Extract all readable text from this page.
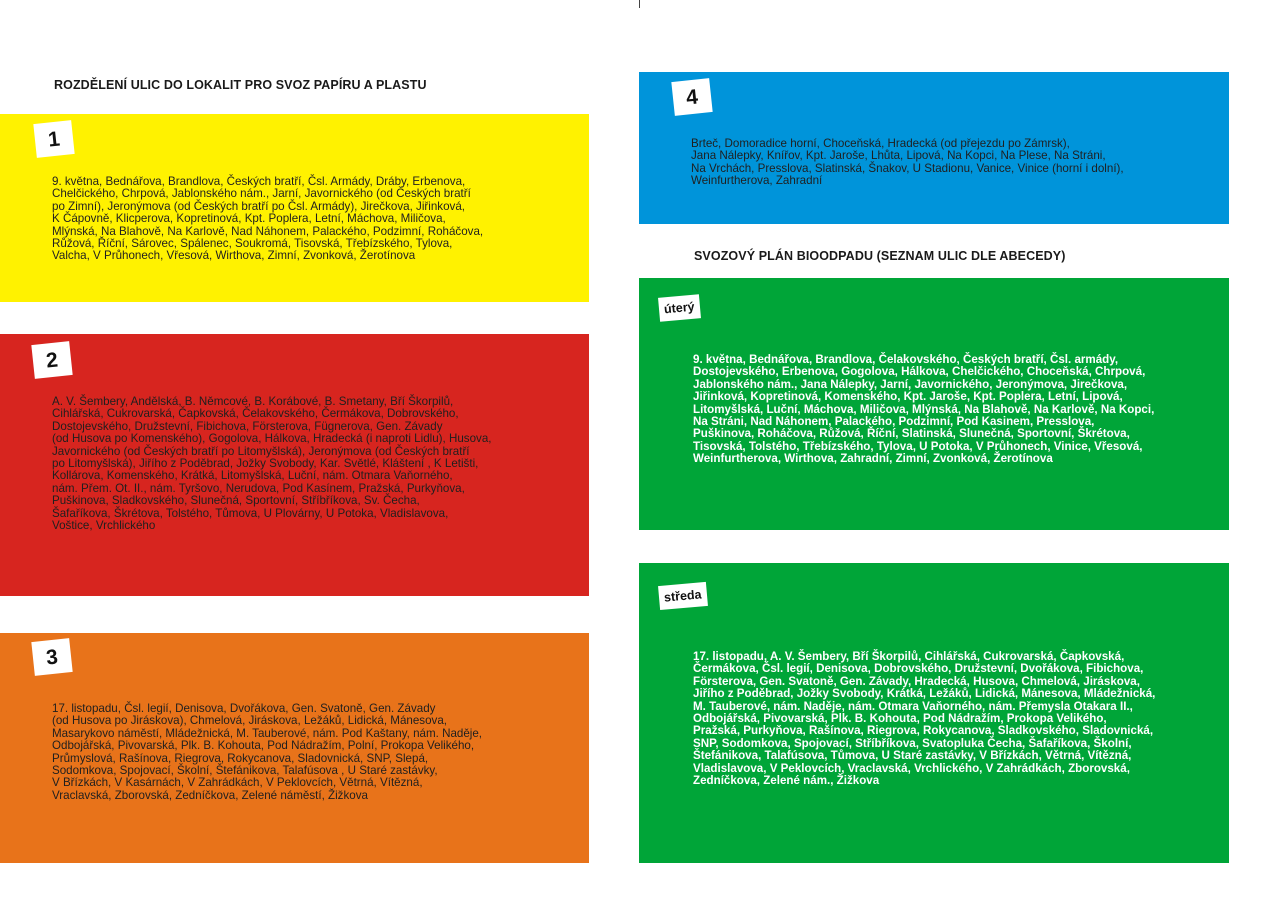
ROZDĚLENÍ ULIC DO LOKALIT PRO SVOZ PAPÍRU A PLASTU
1
9. května, Bednářova, Brandlova, Českých bratří, Čsl. Armády, Dráby, Erbenova,
Chelčického, Chrpová, Jablonského nám., Jarní, Javornického (od Českých bratří
po Zimní), Jeronýmova (od Českých bratří po Čsl. Armády), Jirečkova, Jiřinková,
K Čápovně, Klicperova, Kopretinová, Kpt. Poplera, Letní, Máchova, Miličova,
Mlýnská, Na Blahově, Na Karlově, Nad Náhonem, Palackého, Podzimní, Roháčova,
Růžová, Říční, Sárovec, Spálenec, Soukromá, Tisovská, Třebízského, Tylova,
Valcha, V Průhonech, Vřesová, Wirthova, Zimní, Zvonková, Žerotínova
2
A. V. Šembery, Andělská, B. Němcové, B. Korábové, B. Smetany, Bří Škorpilů,
Cihlářská, Cukrovarská, Čapkovská, Čelakovského, Čermákova, Dobrovského,
Dostojevského, Družstevní, Fibichova, Försterova, Fügnerova, Gen. Závady
(od Husova po Komenského), Gogolova, Hálkova, Hradecká (i naproti Lidlu), Husova,
Javornického (od Českých bratří po Litomyšlská), Jeronýmova (od Českých bratří
po Litomyšlská), Jiřího z Poděbrad, Jožky Svobody, Kar. Světlé, Kláštení , K Letišti,
Kollárova, Komenského, Krátká, Litomyšlská, Luční, nám. Otmara Vaňorného,
nám. Přem. Ot. II., nám. Tyršovo, Nerudova, Pod Kasínem, Pražská, Purkyňova,
Puškinova, Sladkovského, Slunečná, Sportovní, Stříbříkova, Sv. Čecha,
Šafaříkova, Škrétova, Tolstého, Tůmova, U Plovárny, U Potoka, Vladislavova,
Voštice, Vrchlického
3
17. listopadu, Čsl. legií, Denisova, Dvořákova, Gen. Svatoně, Gen. Závady
(od Husova po Jiráskova), Chmelová, Jiráskova, Ležáků, Lidická, Mánesova,
Masarykovo náměstí, Mládežnická, M. Tauberové, nám. Pod Kaštany, nám. Naděje,
Odbojářská, Pivovarská, Plk. B. Kohouta, Pod Nádražím, Polní, Prokopa Velikého,
Průmyslová, Rašínova, Riegrova, Rokycanova, Sladovnická, SNP, Slepá,
Sodomkova, Spojovací, Školní, Štefánikova, Talafúsova , U Staré zastávky,
V Břízkách, V Kasárnách, V Zahrádkách, V Peklovcích, Větrná, Vítězná,
Vraclavská, Zborovská, Zedníčkova, Zelené náměstí, Žižkova
4
Brteč, Domoradice horní, Choceňská, Hradecká (od přejezdu po Zámrsk),
Jana Nálepky, Knířov, Kpt. Jaroše, Lhůta, Lipová, Na Kopci, Na Plese, Na Stráni,
Na Vrchách, Presslova, Slatinská, Šnakov, U Stadionu, Vanice, Vinice (horní i dolní),
Weinfurtherova, Zahradní
SVOZOVÝ PLÁN BIOODPADU (SEZNAM ULIC DLE ABECEDY)
úterý
9. května, Bednářova, Brandlova, Čelakovského, Českých bratří, Čsl. armády,
Dostojevského, Erbenova, Gogolova, Hálkova, Chelčického, Choceňská, Chrpová,
Jablonského nám., Jana Nálepky, Jarní, Javornického, Jeronýmova, Jirečkova,
Jiřinková, Kopretinová, Komenského, Kpt. Jaroše, Kpt. Poplera, Letní, Lipová,
Litomyšlská, Luční, Máchova, Miličova, Mlýnská, Na Blahově, Na Karlově, Na Kopci,
Na Stráni, Nad Náhonem, Palackého, Podzimní, Pod Kasinem, Presslova,
Puškinova, Roháčova, Růžová, Říční, Slatinská, Slunečná, Sportovní, Škrétova,
Tisovská, Tolstého, Třebízského, Tylova, U Potoka, V Průhonech, Vinice, Vřesová,
Weinfurtherova, Wirthova, Zahradní, Zimní, Zvonková, Žerotínova
středa
17. listopadu, A. V. Šembery, Bří Škorpilů, Cihlářská, Cukrovarská, Čapkovská,
Čermákova, Čsl. legií, Denisova, Dobrovského, Družstevní, Dvořákova, Fibichova,
Försterova, Gen. Svatoně, Gen. Závady, Hradecká, Husova, Chmelová, Jiráskova,
Jiřího z Poděbrad, Jožky Svobody, Krátká, Ležáků, Lidická, Mánesova, Mládežnická,
M. Tauberové, nám. Naděje, nám. Otmara Vaňorného, nám. Přemysla Otakara II.,
Odbojářská, Pivovarská, Plk. B. Kohouta, Pod Nádražím, Prokopa Velikého,
Pražská, Purkyňova, Rašínova, Riegrova, Rokycanova, Sladkovského, Sladovnická,
SNP, Sodomkova, Spojovací, Stříbříkova, Svatopluka Čecha, Šafaříkova, Školní,
Štefánikova, Talafúsova, Tůmova, U Staré zastávky, V Břízkách, Větrná, Vítězná,
Vladislavova, V Peklovcích, Vraclavská, Vrchlického, V Zahrádkách, Zborovská,
Zedníčkova, Zelené nám., Žižkova
